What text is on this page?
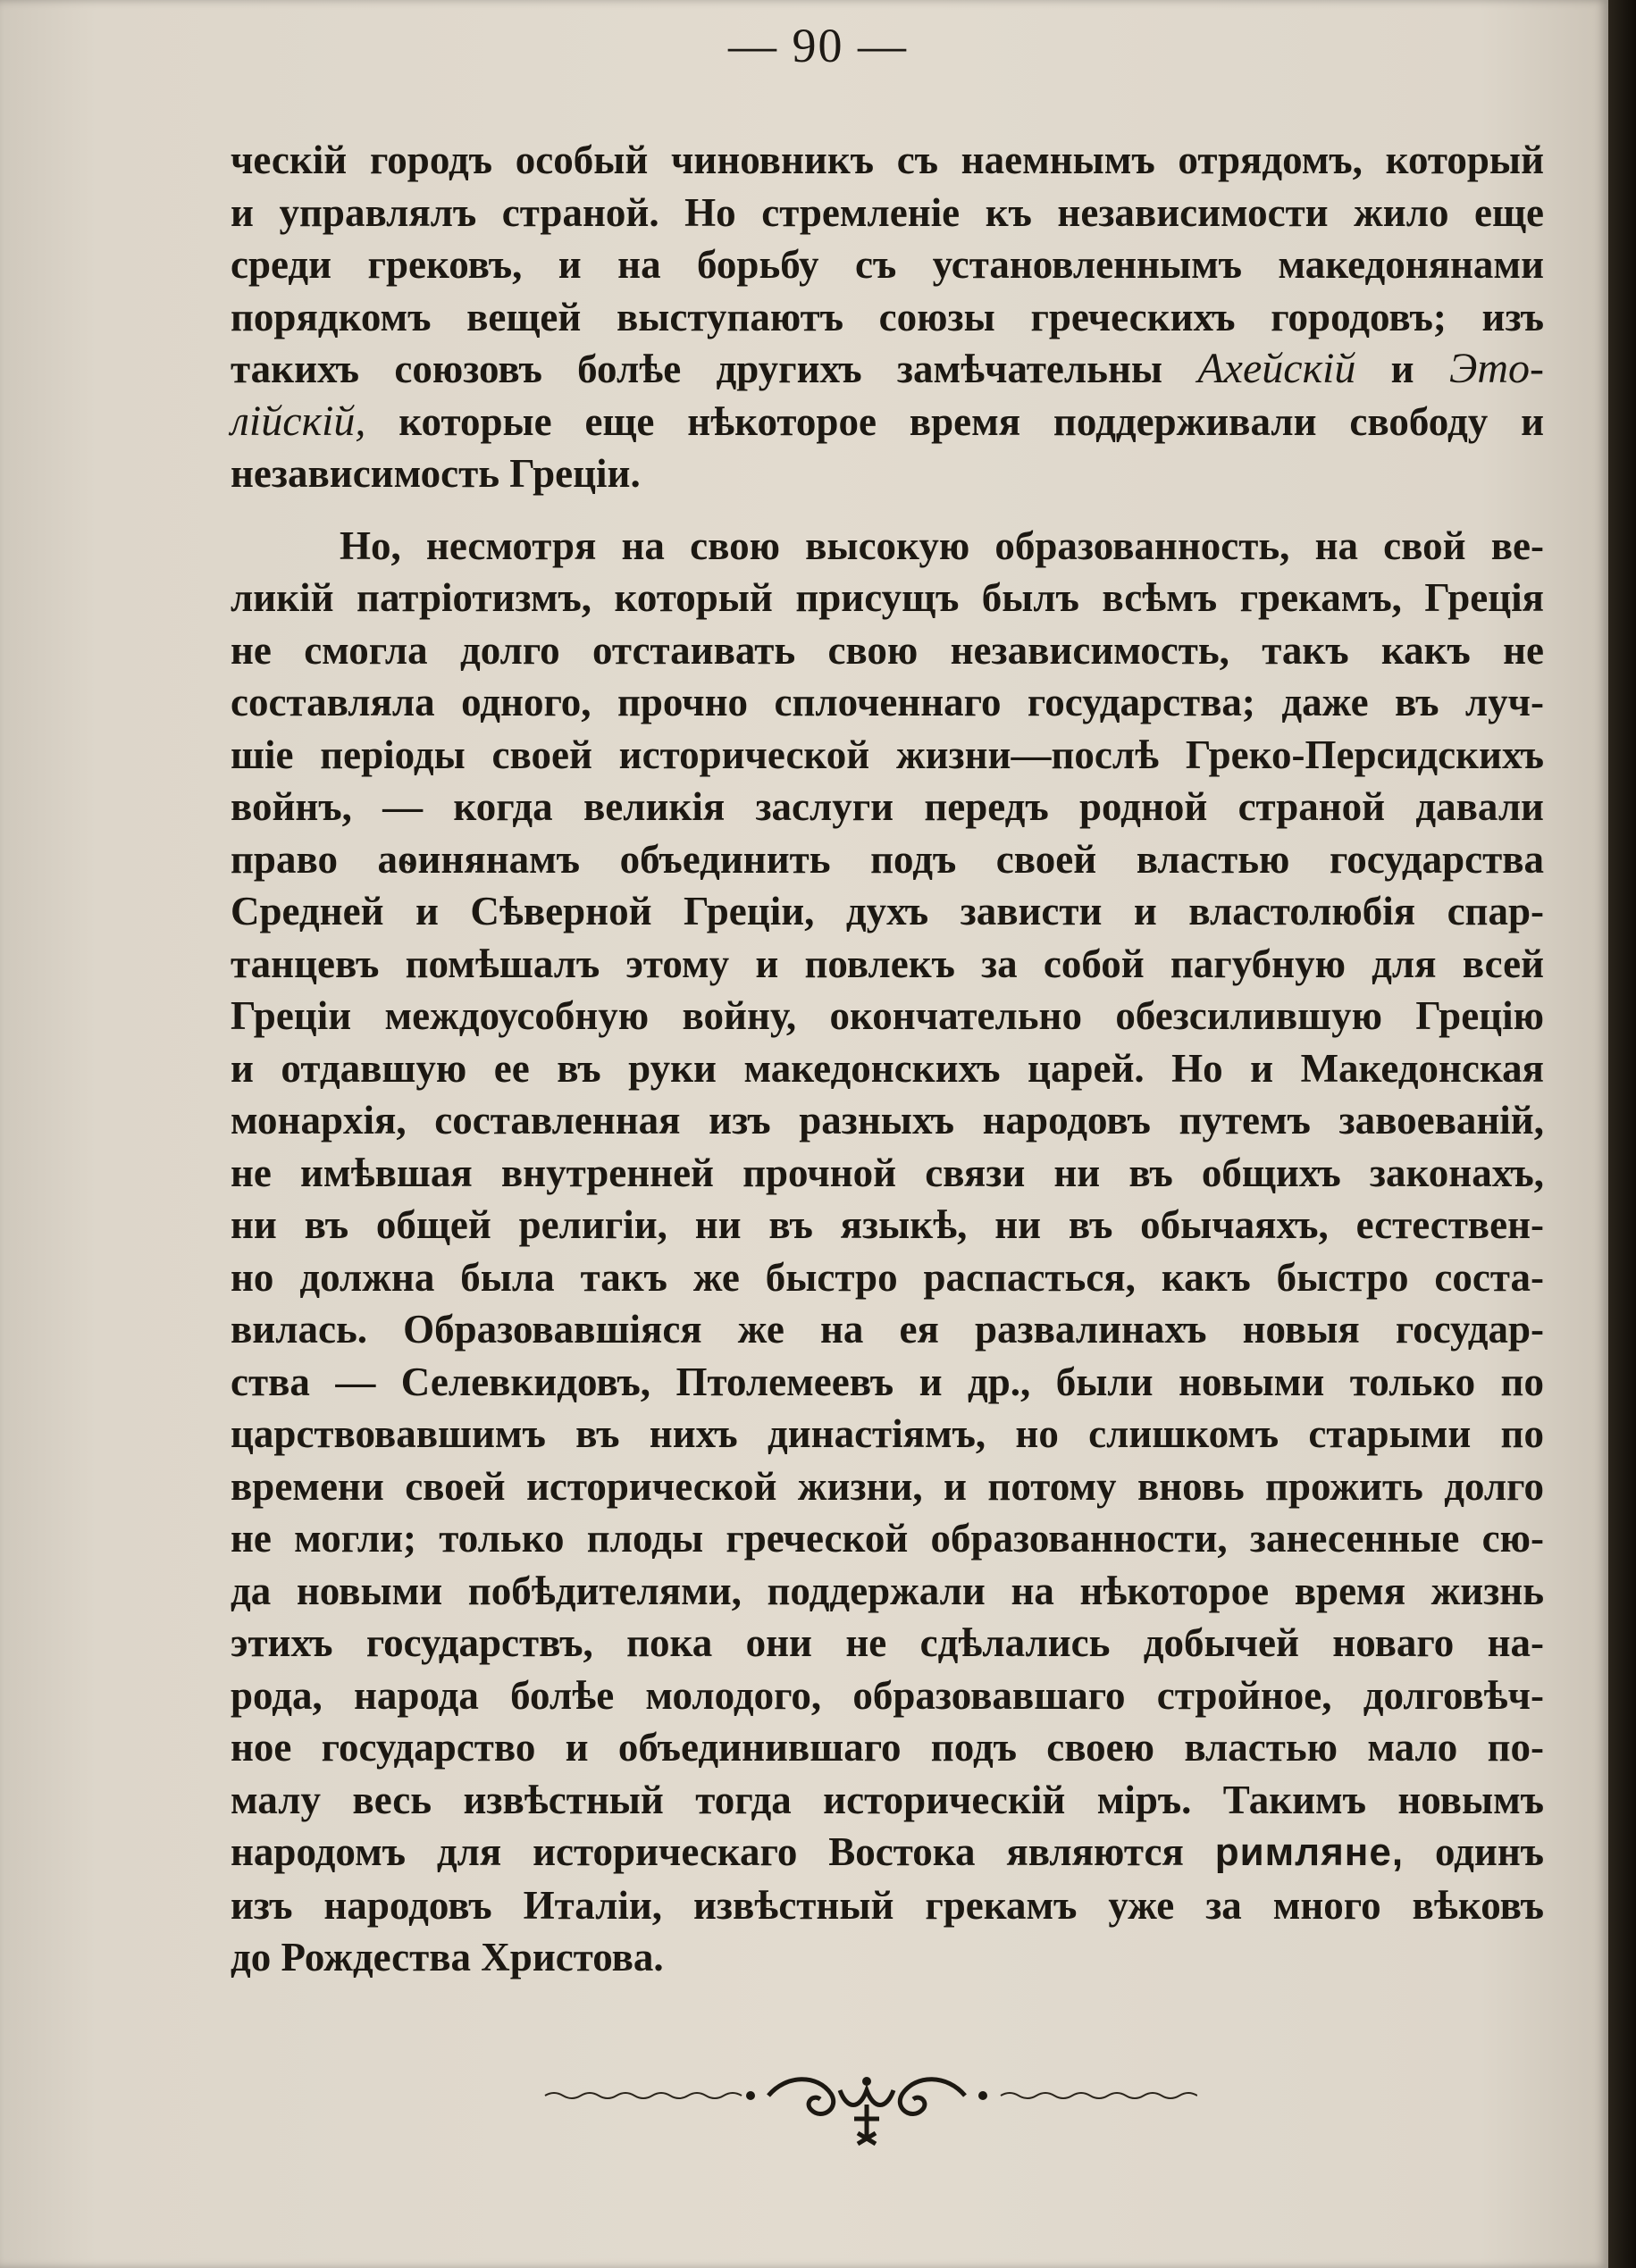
— 90 —
ческій городъ особый чиновникъ съ наемнымъ отрядомъ, который
и управлялъ страной. Но стремленіе къ независимости жило еще
среди грековъ, и на борьбу съ установленнымъ македонянами
порядкомъ вещей выступаютъ союзы греческихъ городовъ; изъ
такихъ союзовъ болѣе другихъ замѣчательны Ахейскій и Это-
лійскій, которые еще нѣкоторое время поддерживали свободу и
независимость Греціи.
Но, несмотря на свою высокую образованность, на свой ве-
ликій патріотизмъ, который присущъ былъ всѣмъ грекамъ, Греція
не смогла долго отстаивать свою независимость, такъ какъ не
составляла одного, прочно сплоченнаго государства; даже въ луч-
шіе періоды своей исторической жизни—послѣ Греко-Персидскихъ
войнъ, — когда великія заслуги передъ родной страной давали
право аѳинянамъ объединить подъ своей властью государства
Средней и Сѣверной Греціи, духъ зависти и властолюбія спар-
танцевъ помѣшалъ этому и повлекъ за собой пагубную для всей
Греціи междоусобную войну, окончательно обезсилившую Грецію
и отдавшую ее въ руки македонскихъ царей. Но и Македонская
монархія, составленная изъ разныхъ народовъ путемъ завоеваній,
не имѣвшая внутренней прочной связи ни въ общихъ законахъ,
ни въ общей религіи, ни въ языкѣ, ни въ обычаяхъ, естествен-
но должна была такъ же быстро распасться, какъ быстро соста-
вилась. Образовавшіяся же на ея развалинахъ новыя государ-
ства — Селевкидовъ, Птолемеевъ и др., были новыми только по
царствовавшимъ въ нихъ династіямъ, но слишкомъ старыми по
времени своей исторической жизни, и потому вновь прожить долго
не могли; только плоды греческой образованности, занесенные сю-
да новыми побѣдителями, поддержали на нѣкоторое время жизнь
этихъ государствъ, пока они не сдѣлались добычей новаго на-
рода, народа болѣе молодого, образовавшаго стройное, долговѣч-
ное государство и объединившаго подъ своею властью мало по-
малу весь извѣстный тогда историческій міръ. Такимъ новымъ
народомъ для историческаго Востока являются римляне, одинъ
изъ народовъ Италіи, извѣстный грекамъ уже за много вѣковъ
до Рождества Христова.
